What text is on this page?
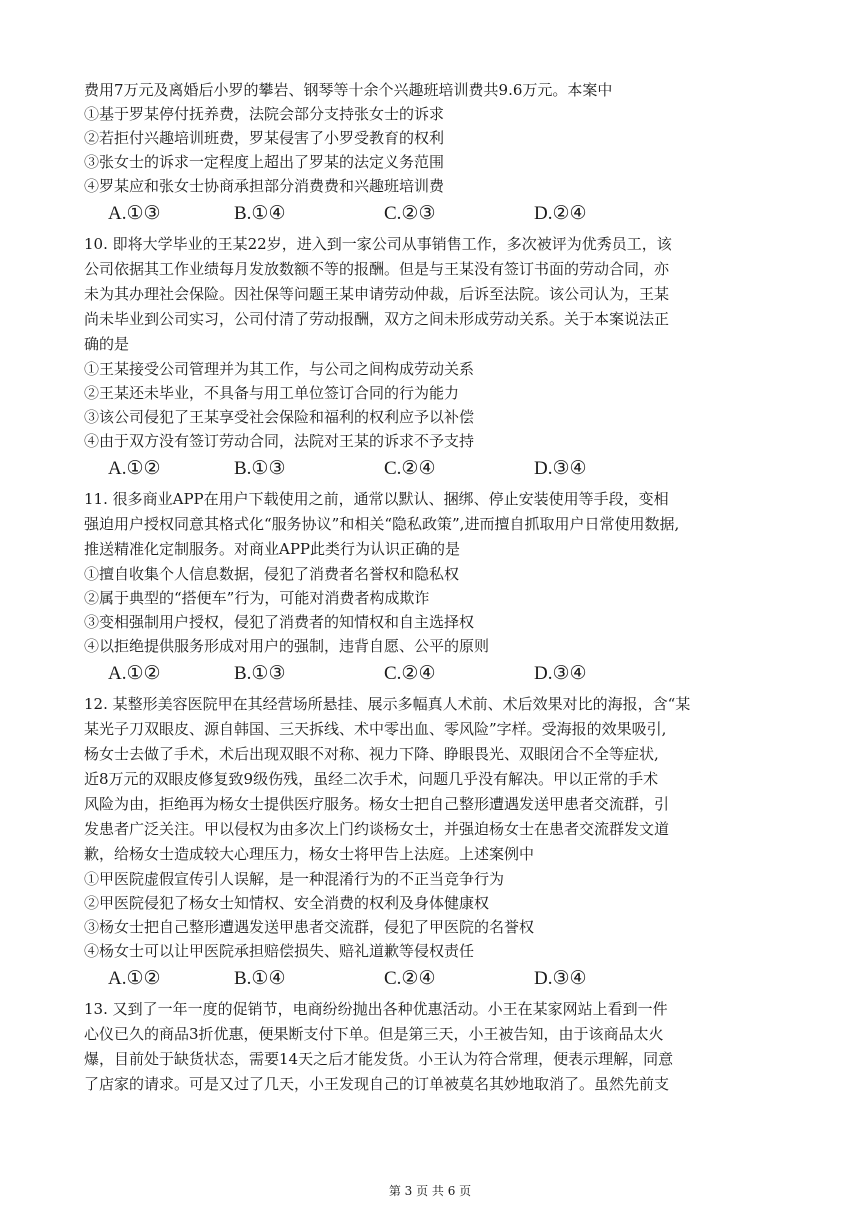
费用7万元及离婚后小罗的攀岩、钢琴等十余个兴趣班培训费共9.6万元。本案中
①基于罗某停付抚养费，法院会部分支持张女士的诉求
②若拒付兴趣培训班费，罗某侵害了小罗受教育的权利
③张女士的诉求一定程度上超出了罗某的法定义务范围
④罗某应和张女士协商承担部分消费费和兴趣班培训费
A.①③	B.①④	C.②③	D.②④
10. 即将大学毕业的王某22岁，进入到一家公司从事销售工作，多次被评为优秀员工，该
公司依据其工作业绩每月发放数额不等的报酬。但是与王某没有签订书面的劳动合同，亦
未为其办理社会保险。因社保等问题王某申请劳动仲裁，后诉至法院。该公司认为，王某
尚未毕业到公司实习，公司付清了劳动报酬，双方之间未形成劳动关系。关于本案说法正
确的是
①王某接受公司管理并为其工作，与公司之间构成劳动关系
②王某还未毕业，不具备与用工单位签订合同的行为能力
③该公司侵犯了王某享受社会保险和福利的权利应予以补偿
④由于双方没有签订劳动合同，法院对王某的诉求不予支持
A.①②	B.①③	C.②④	D.③④
11. 很多商业APP在用户下载使用之前，通常以默认、捆绑、停止安装使用等手段，变相
强迫用户授权同意其格式化“服务协议”和相关“隐私政策”,进而擅自抓取用户日常使用数据,
推送精准化定制服务。对商业APP此类行为认识正确的是
①擅自收集个人信息数据，侵犯了消费者名誉权和隐私权
②属于典型的“搭便车”行为，可能对消费者构成欺诈
③变相强制用户授权，侵犯了消费者的知情权和自主选择权
④以拒绝提供服务形成对用户的强制，违背自愿、公平的原则
A.①②	B.①③	C.②④	D.③④
12. 某整形美容医院甲在其经营场所悬挂、展示多幅真人术前、术后效果对比的海报，含“某
某光子刀双眼皮、源自韩国、三天拆线、术中零出血、零风险”字样。受海报的效果吸引,
杨女士去做了手术，术后出现双眼不对称、视力下降、睁眼畏光、双眼闭合不全等症状,
近8万元的双眼皮修复致9级伤残，虽经二次手术，问题几乎没有解决。甲以正常的手术
风险为由，拒绝再为杨女士提供医疗服务。杨女士把自己整形遭遇发送甲患者交流群，引
发患者广泛关注。甲以侵权为由多次上门约谈杨女士，并强迫杨女士在患者交流群发文道
歉，给杨女士造成较大心理压力，杨女士将甲告上法庭。上述案例中
①甲医院虚假宣传引人误解，是一种混淆行为的不正当竞争行为
②甲医院侵犯了杨女士知情权、安全消费的权利及身体健康权
③杨女士把自己整形遭遇发送甲患者交流群，侵犯了甲医院的名誉权
④杨女士可以让甲医院承担赔偿损失、赔礼道歉等侵权责任
A.①②	B.①④	C.②④	D.③④
13. 又到了一年一度的促销节，电商纷纷抛出各种优惠活动。小王在某家网站上看到一件
心仪已久的商品3折优惠，便果断支付下单。但是第三天，小王被告知，由于该商品太火
爆，目前处于缺货状态，需要14天之后才能发货。小王认为符合常理，便表示理解，同意
了店家的请求。可是又过了几天，小王发现自己的订单被莫名其妙地取消了。虽然先前支
第 3 页 共 6 页
